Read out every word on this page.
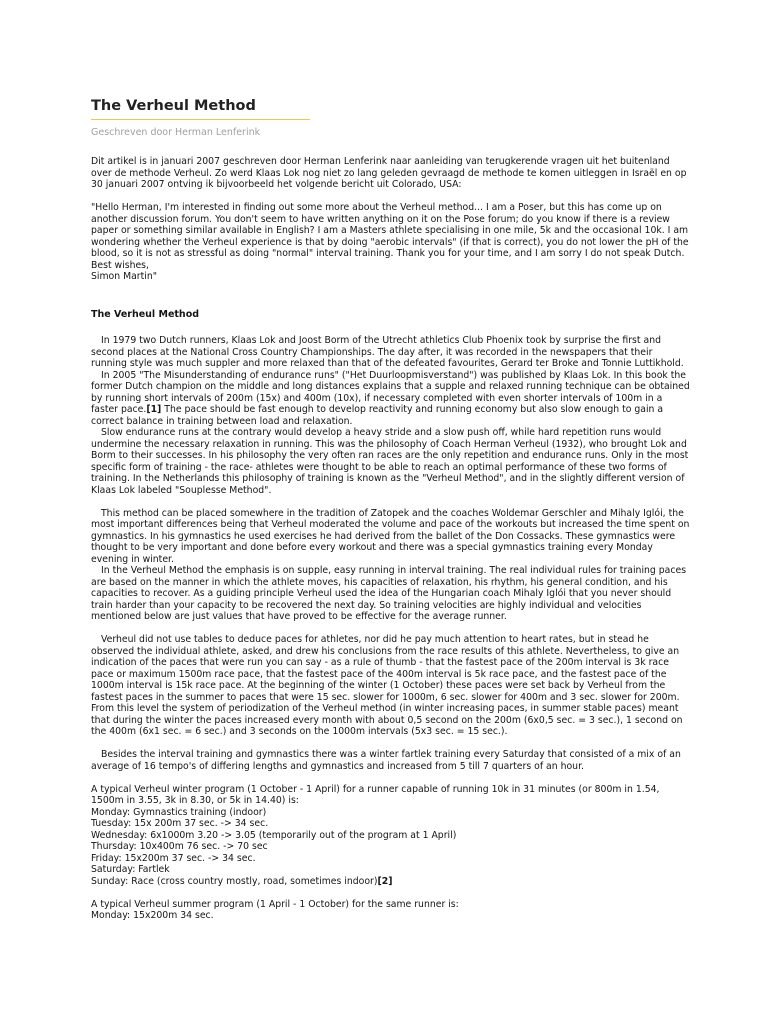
The Verheul Method
Geschreven door Herman Lenferink

Dit artikel is in januari 2007 geschreven door Herman Lenferink naar aanleiding van terugkerende vragen uit het buitenland over de methode Verheul. Zo werd Klaas Lok nog niet zo lang geleden gevraagd de methode te komen uitleggen in Israël en op 30 januari 2007 ontving ik bijvoorbeeld het volgende bericht uit Colorado, USA:

"Hello Herman, I'm interested in finding out some more about the Verheul method... I am a Poser, but this has come up on another discussion forum. You don't seem to have written anything on it on the Pose forum; do you know if there is a review paper or something similar available in English? I am a Masters athlete specialising in one mile, 5k and the occasional 10k. I am wondering whether the Verheul experience is that by doing "aerobic intervals" (if that is correct), you do not lower the pH of the blood, so it is not as stressful as doing "normal" interval training. Thank you for your time, and I am sorry I do not speak Dutch.
Best wishes,
Simon Martin"
The Verheul Method

In 1979 two Dutch runners, Klaas Lok and Joost Borm of the Utrecht athletics Club Phoenix took by surprise the first and second places at the National Cross Country Championships. The day after, it was recorded in the newspapers that their running style was much suppler and more relaxed than that of the defeated favourites, Gerard ter Broke and Tonnie Luttikhold.

In 2005 "The Misunderstanding of endurance runs" ("Het Duurloopmisverstand") was published by Klaas Lok. In this book the former Dutch champion on the middle and long distances explains that a supple and relaxed running technique can be obtained by running short intervals of 200m (15x) and 400m (10x), if necessary completed with even shorter intervals of 100m in a faster pace.[1] The pace should be fast enough to develop reactivity and running economy but also slow enough to gain a correct balance in training between load and relaxation.

Slow endurance runs at the contrary would develop a heavy stride and a slow push off, while hard repetition runs would undermine the necessary relaxation in running. This was the philosophy of Coach Herman Verheul (1932), who brought Lok and Borm to their successes. In his philosophy the very often ran races are the only repetition and endurance runs. Only in the most specific form of training - the race- athletes were thought to be able to reach an optimal performance of these two forms of training. In the Netherlands this philosophy of training is known as the "Verheul Method", and in the slightly different version of Klaas Lok labeled "Souplesse Method".

This method can be placed somewhere in the tradition of Zatopek and the coaches Woldemar Gerschler and Mihaly Iglói, the most important differences being that Verheul moderated the volume and pace of the workouts but increased the time spent on gymnastics. In his gymnastics he used exercises he had derived from the ballet of the Don Cossacks. These gymnastics were thought to be very important and done before every workout and there was a special gymnastics training every Monday evening in winter.

In the Verheul Method the emphasis is on supple, easy running in interval training. The real individual rules for training paces are based on the manner in which the athlete moves, his capacities of relaxation, his rhythm, his general condition, and his capacities to recover. As a guiding principle Verheul used the idea of the Hungarian coach Mihaly Iglói that you never should train harder than your capacity to be recovered the next day. So training velocities are highly individual and velocities mentioned below are just values that have proved to be effective for the average runner.

Verheul did not use tables to deduce paces for athletes, nor did he pay much attention to heart rates, but in stead he observed the individual athlete, asked, and drew his conclusions from the race results of this athlete. Nevertheless, to give an indication of the paces that were run you can say - as a rule of thumb - that the fastest pace of the 200m interval is 3k race pace or maximum 1500m race pace, that the fastest pace of the 400m interval is 5k race pace, and the fastest pace of the 1000m interval is 15k race pace. At the beginning of the winter (1 October) these paces were set back by Verheul from the fastest paces in the summer to paces that were 15 sec. slower for 1000m, 6 sec. slower for 400m and 3 sec. slower for 200m. From this level the system of periodization of the Verheul method (in winter increasing paces, in summer stable paces) meant that during the winter the paces increased every month with about 0,5 second on the 200m (6x0,5 sec. = 3 sec.), 1 second on the 400m (6x1 sec. = 6 sec.) and 3 seconds on the 1000m intervals (5x3 sec. = 15 sec.).

Besides the interval training and gymnastics there was a winter fartlek training every Saturday that consisted of a mix of an average of 16 tempo's of differing lengths and gymnastics and increased from 5 till 7 quarters of an hour.

A typical Verheul winter program (1 October - 1 April) for a runner capable of running 10k in 31 minutes (or 800m in 1.54, 1500m in 3.55, 3k in 8.30, or 5k in 14.40) is:
Monday: Gymnastics training (indoor)
Tuesday: 15x 200m 37 sec. -> 34 sec.
Wednesday: 6x1000m 3.20 -> 3.05 (temporarily out of the program at 1 April)
Thursday: 10x400m 76 sec. -> 70 sec
Friday: 15x200m 37 sec. -> 34 sec.
Saturday: Fartlek
Sunday: Race (cross country mostly, road, sometimes indoor)[2]
A typical Verheul summer program (1 April - 1 October) for the same runner is:
Monday: 15x200m 34 sec.
